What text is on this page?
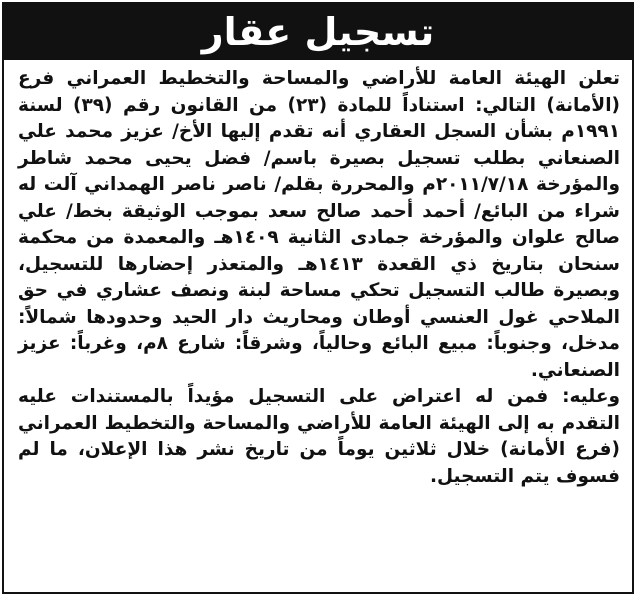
تسجيل عقار

تعلن الهيئة العامة للأراضي والمساحة والتخطيط العمراني فرع (الأمانة) التالي: استناداً للمادة (٢٣) من القانون رقم (٣٩) لسنة ١٩٩١م بشأن السجل العقاري أنه تقدم إليها الأخ/ عزيز محمد علي الصنعاني بطلب تسجيل بصيرة باسم/ فضل يحيى محمد شاطر والمؤرخة ٢٠١١/٧/١٨م والمحررة بقلم/ ناصر ناصر الهمداني آلت له شراء من البائع/ أحمد أحمد صالح سعد بموجب الوثيقة بخط/ علي صالح علوان والمؤرخة جمادى الثانية ١٤٠٩هـ والمعمدة من محكمة سنحان بتاريخ ذي القعدة ١٤١٣هـ والمتعذر إحضارها للتسجيل، وبصيرة طالب التسجيل تحكي مساحة لبنة ونصف عشاري في حق الملاحي غول العنسي أوطان ومحاريث دار الحيد وحدودها شمالاً: مدخل، وجنوباً: مبيع البائع وحالياً، وشرقاً: شارع ٨م، وغرباً: عزيز الصنعاني.

وعليه: فمن له اعتراض على التسجيل مؤيداً بالمستندات عليه التقدم به إلى الهيئة العامة للأراضي والمساحة والتخطيط العمراني (فرع الأمانة) خلال ثلاثين يوماً من تاريخ نشر هذا الإعلان، ما لم فسوف يتم التسجيل.
